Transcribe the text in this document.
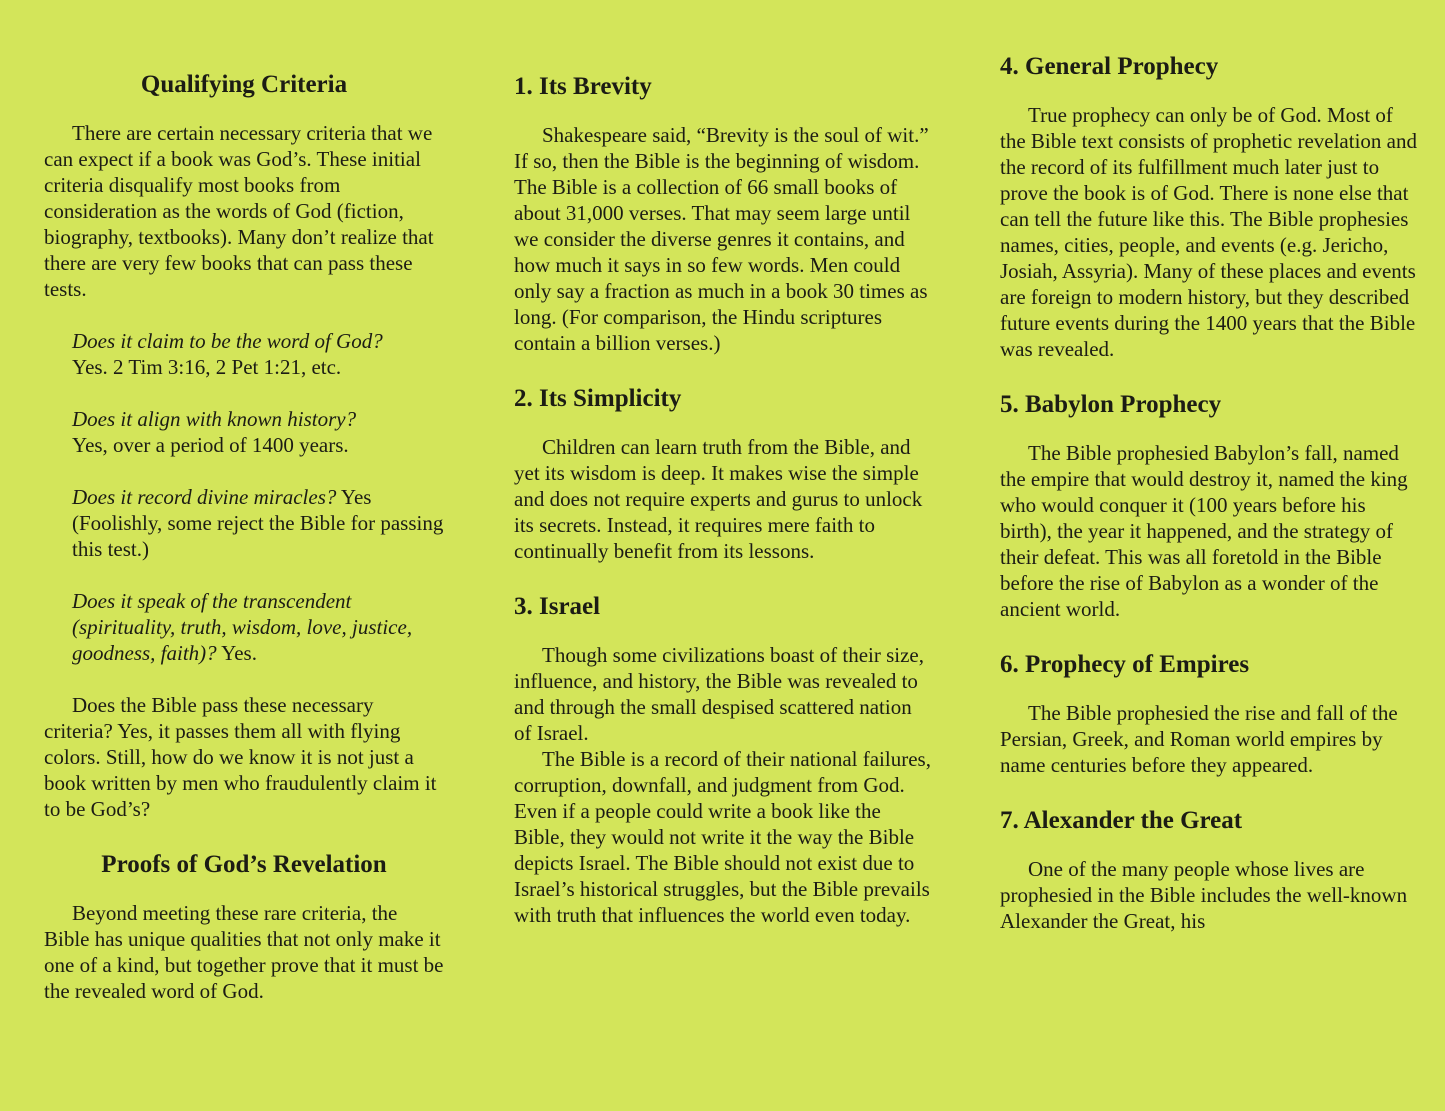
Qualifying Criteria

There are certain necessary criteria that we can expect if a book was God’s. These initial criteria disqualify most books from consideration as the words of God (fiction, biography, textbooks). Many don’t realize that there are very few books that can pass these tests.

Does it claim to be the word of God?
Yes. 2 Tim 3:16, 2 Pet 1:21, etc.

Does it align with known history?
Yes, over a period of 1400 years.

Does it record divine miracles? Yes (Foolishly, some reject the Bible for passing this test.)

Does it speak of the transcendent (spirituality, truth, wisdom, love, justice, goodness, faith)? Yes.

Does the Bible pass these necessary criteria? Yes, it passes them all with flying colors. Still, how do we know it is not just a book written by men who fraudulently claim it to be God’s?

Proofs of God’s Revelation

Beyond meeting these rare criteria, the Bible has unique qualities that not only make it one of a kind, but together prove that it must be the revealed word of God.

1. Its Brevity

Shakespeare said, “Brevity is the soul of wit.” If so, then the Bible is the beginning of wisdom. The Bible is a collection of 66 small books of about 31,000 verses. That may seem large until we consider the diverse genres it contains, and how much it says in so few words. Men could only say a fraction as much in a book 30 times as long. (For comparison, the Hindu scriptures contain a billion verses.)

2. Its Simplicity

Children can learn truth from the Bible, and yet its wisdom is deep. It makes wise the simple and does not require experts and gurus to unlock its secrets. Instead, it requires mere faith to continually benefit from its lessons.

3. Israel

Though some civilizations boast of their size, influence, and history, the Bible was revealed to and through the small despised scattered nation of Israel.

The Bible is a record of their national failures, corruption, downfall, and judgment from God. Even if a people could write a book like the Bible, they would not write it the way the Bible depicts Israel. The Bible should not exist due to Israel’s historical struggles, but the Bible prevails with truth that influences the world even today.

4. General Prophecy

True prophecy can only be of God. Most of the Bible text consists of prophetic revelation and the record of its fulfillment much later just to prove the book is of God. There is none else that can tell the future like this. The Bible prophesies names, cities, people, and events (e.g. Jericho, Josiah, Assyria). Many of these places and events are foreign to modern history, but they described future events during the 1400 years that the Bible was revealed.

5. Babylon Prophecy

The Bible prophesied Babylon’s fall, named the empire that would destroy it, named the king who would conquer it (100 years before his birth), the year it happened, and the strategy of their defeat. This was all foretold in the Bible before the rise of Babylon as a wonder of the ancient world.

6. Prophecy of Empires

The Bible prophesied the rise and fall of the Persian, Greek, and Roman world empires by name centuries before they appeared.

7. Alexander the Great

One of the many people whose lives are prophesied in the Bible includes the well-known Alexander the Great, his
